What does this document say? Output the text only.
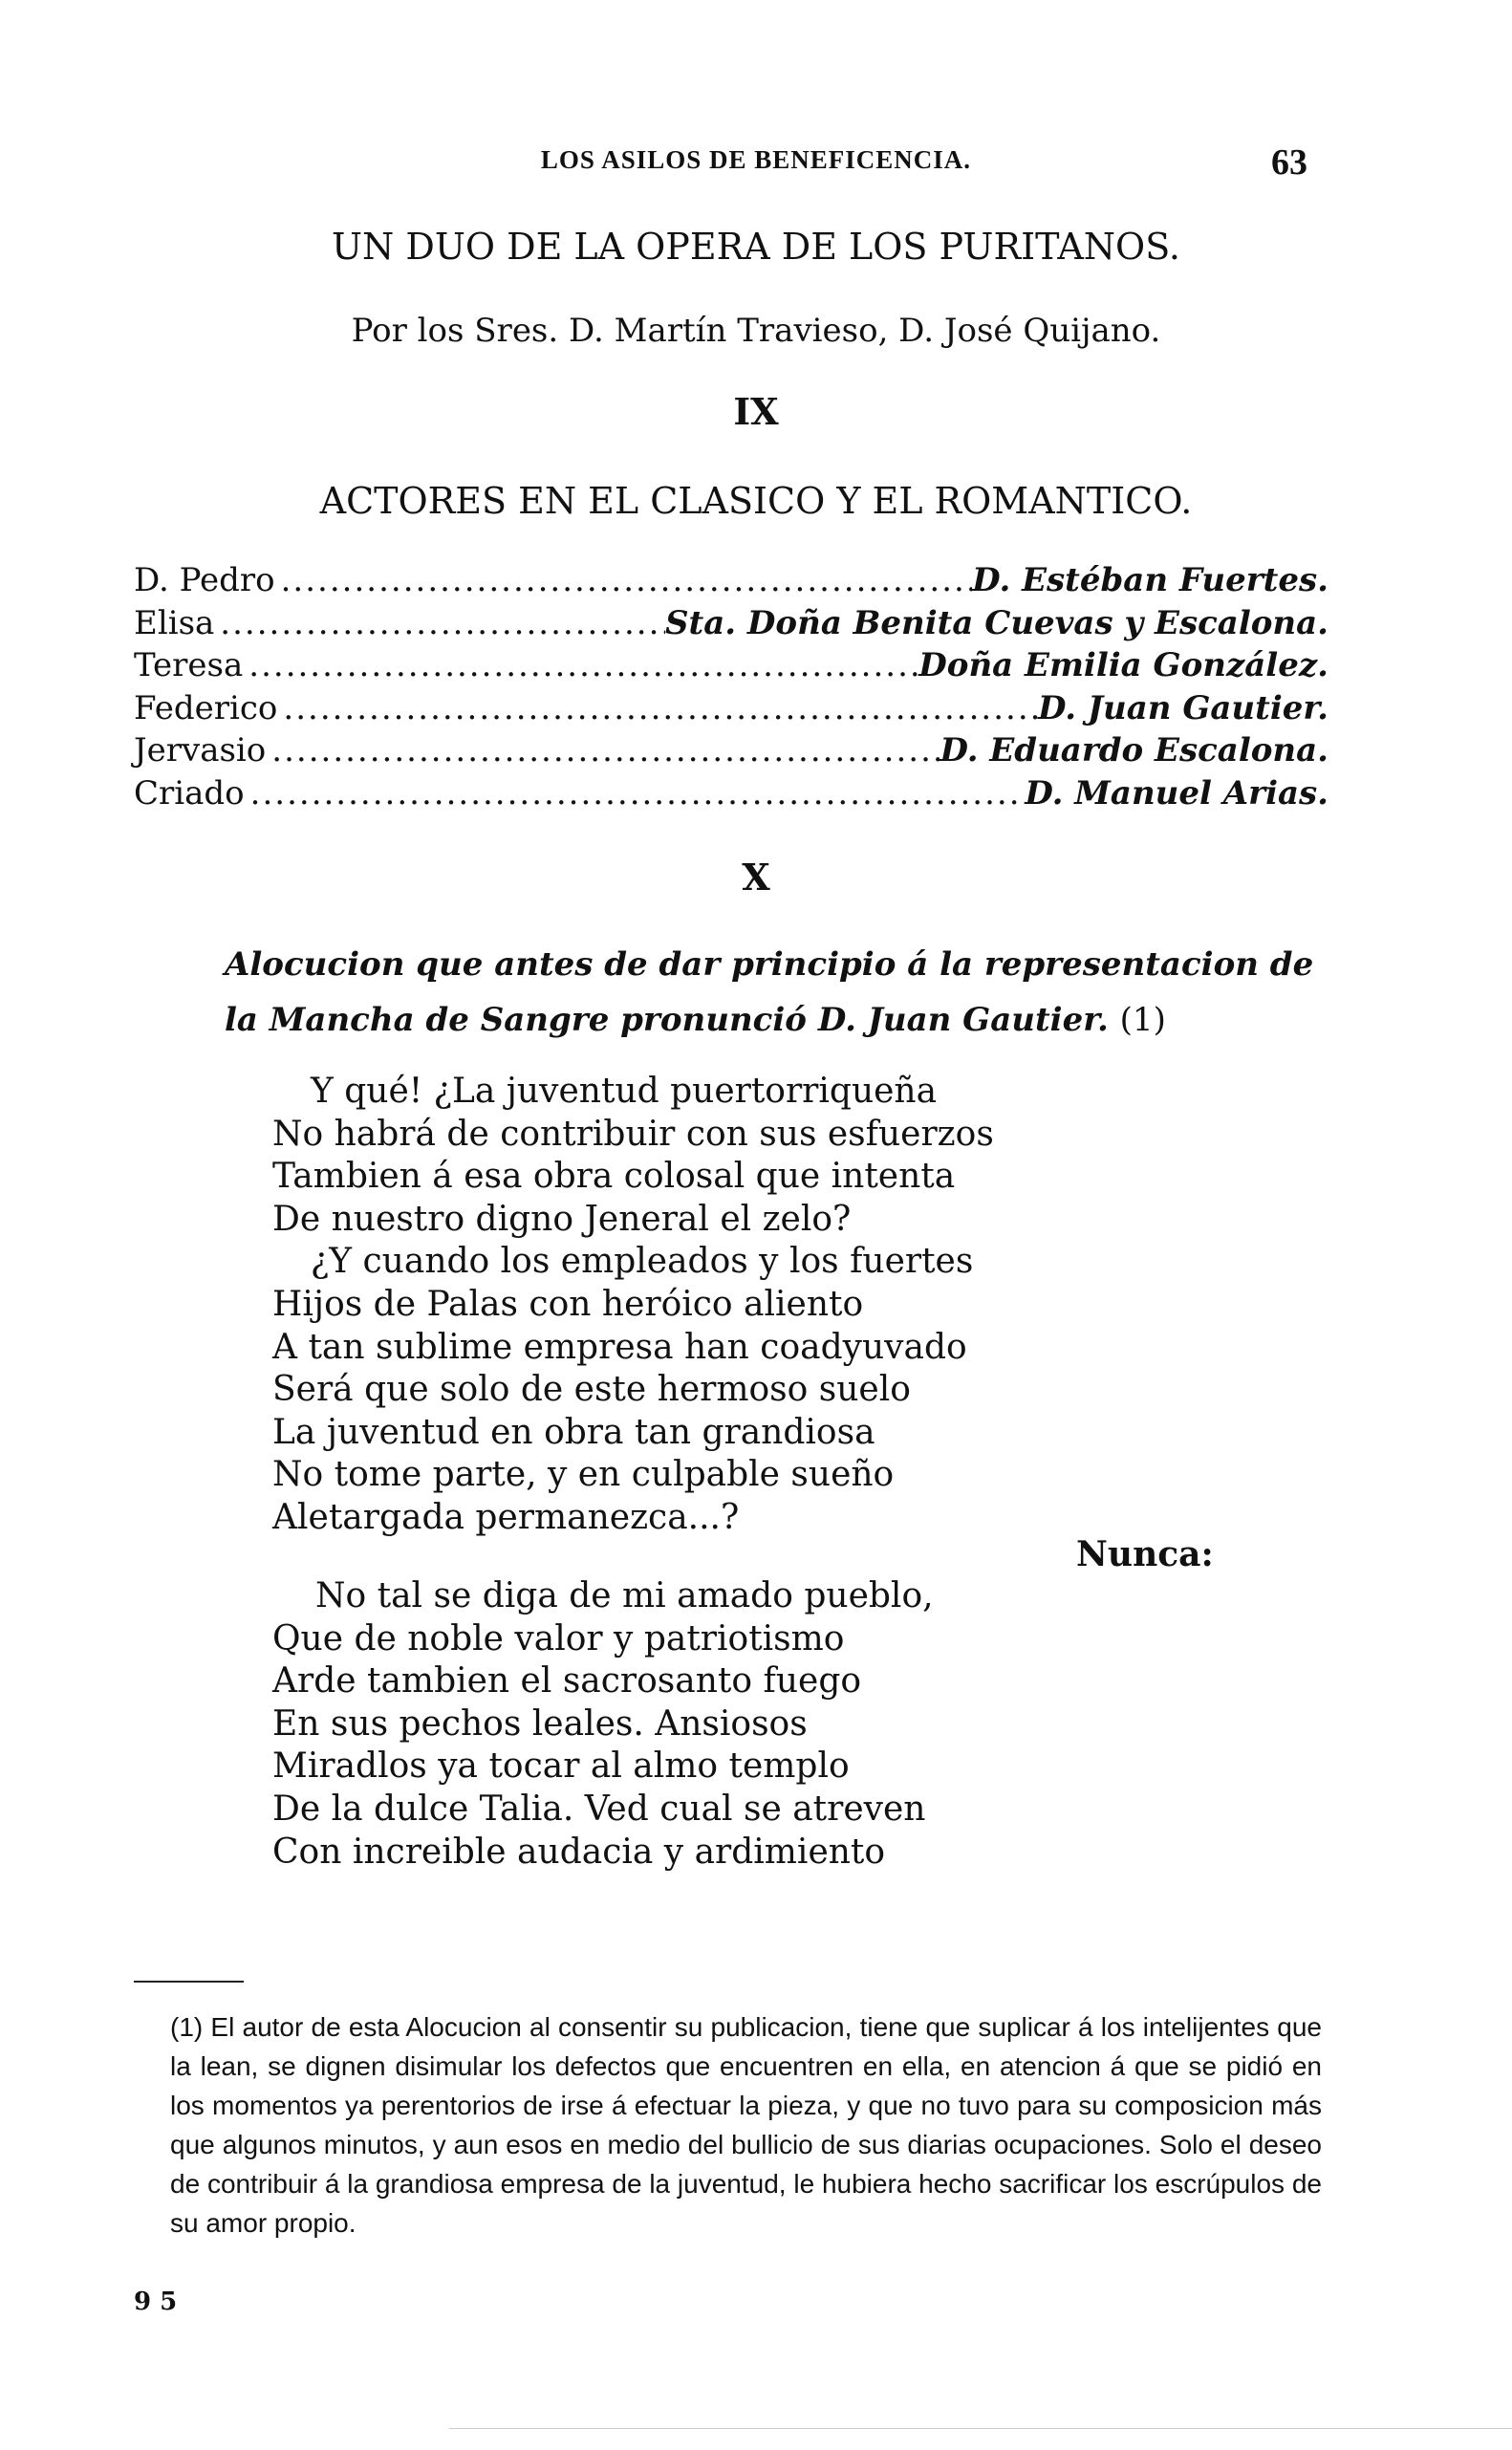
LOS ASILOS DE BENEFICENCIA.	63
UN DUO DE LA OPERA DE LOS PURITANOS.
Por los Sres. D. Martín Travieso, D. José Quijano.
IX
ACTORES EN EL CLASICO Y EL ROMANTICO.
D. Pedro .....	D. Estéban Fuertes.
Elisa .....	Sta. Doña Benita Cuevas y Escalona.
Teresa .....	Doña Emilia González.
Federico .....	D. Juan Gautier.
Jervasio .....	D. Eduardo Escalona.
Criado .....	D. Manuel Arias.
X
Alocucion que antes de dar principio á la representacion de la Mancha de Sangre pronunció D. Juan Gautier. (1)
Y qué! ¿La juventud puertorriqueña
No habrá de contribuir con sus esfuerzos
Tambien á esa obra colosal que intenta
De nuestro digno Jeneral el zelo?
¿Y cuando los empleados y los fuertes
Hijos de Palas con heróico aliento
A tan sublime empresa han coadyuvado
Será que solo de este hermoso suelo
La juventud en obra tan grandiosa
No tome parte, y en culpable sueño
Aletargada permanezca...?
Nunca:
No tal se diga de mi amado pueblo,
Que de noble valor y patriotismo
Arde tambien el sacrosanto fuego
En sus pechos leales. Ansiosos
Miradlos ya tocar al almo templo
De la dulce Talia. Ved cual se atreven
Con increible audacia y ardimiento
(1) El autor de esta Alocucion al consentir su publicacion, tiene que suplicar á los intelijentes que la lean, se dignen disimular los defectos que encuentren en ella, en atencion á que se pidió en los momentos ya perentorios de irse á efectuar la pieza, y que no tuvo para su composicion más que algunos minutos, y aun esos en medio del bullicio de sus diarias ocupaciones. Solo el deseo de contribuir á la grandiosa empresa de la juventud, le hubiera hecho sacrificar los escrúpulos de su amor propio.
9 5
